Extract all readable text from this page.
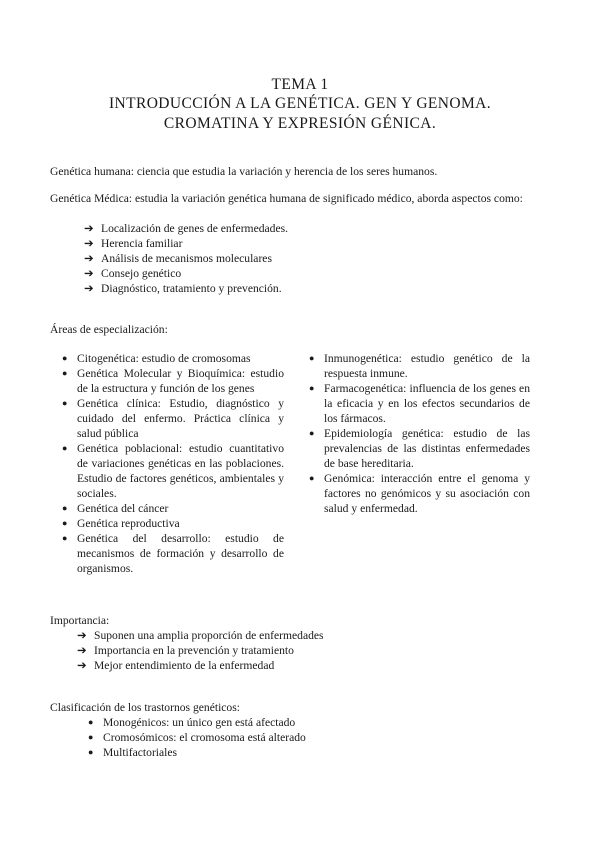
TEMA 1
INTRODUCCIÓN A LA GENÉTICA. GEN Y GENOMA.
CROMATINA Y EXPRESIÓN GÉNICA.
Genética humana: ciencia que estudia la variación y herencia de los seres humanos.
Genética Médica: estudia la variación genética humana de significado médico, aborda aspectos como:
➔ Localización de genes de enfermedades.
➔ Herencia familiar
➔ Análisis de mecanismos moleculares
➔ Consejo genético
➔ Diagnóstico, tratamiento y prevención.
Áreas de especialización:
● Citogenética: estudio de cromosomas
● Genética Molecular y Bioquímica: estudio de la estructura y función de los genes
● Genética clínica: Estudio, diagnóstico y cuidado del enfermo. Práctica clínica y salud pública
● Genética poblacional: estudio cuantitativo de variaciones genéticas en las poblaciones. Estudio de factores genéticos, ambientales y sociales.
● Genética del cáncer
● Genética reproductiva
● Genética del desarrollo: estudio de mecanismos de formación y desarrollo de organismos.
● Inmunogenética: estudio genético de la respuesta inmune.
● Farmacogenética: influencia de los genes en la eficacia y en los efectos secundarios de los fármacos.
● Epidemiología genética: estudio de las prevalencias de las distintas enfermedades de base hereditaria.
● Genómica: interacción entre el genoma y factores no genómicos y su asociación con salud y enfermedad.
Importancia:
➔ Suponen una amplia proporción de enfermedades
➔ Importancia en la prevención y tratamiento
➔ Mejor entendimiento de la enfermedad
Clasificación de los trastornos genéticos:
● Monogénicos: un único gen está afectado
● Cromosómicos: el cromosoma está alterado
● Multifactoriales
